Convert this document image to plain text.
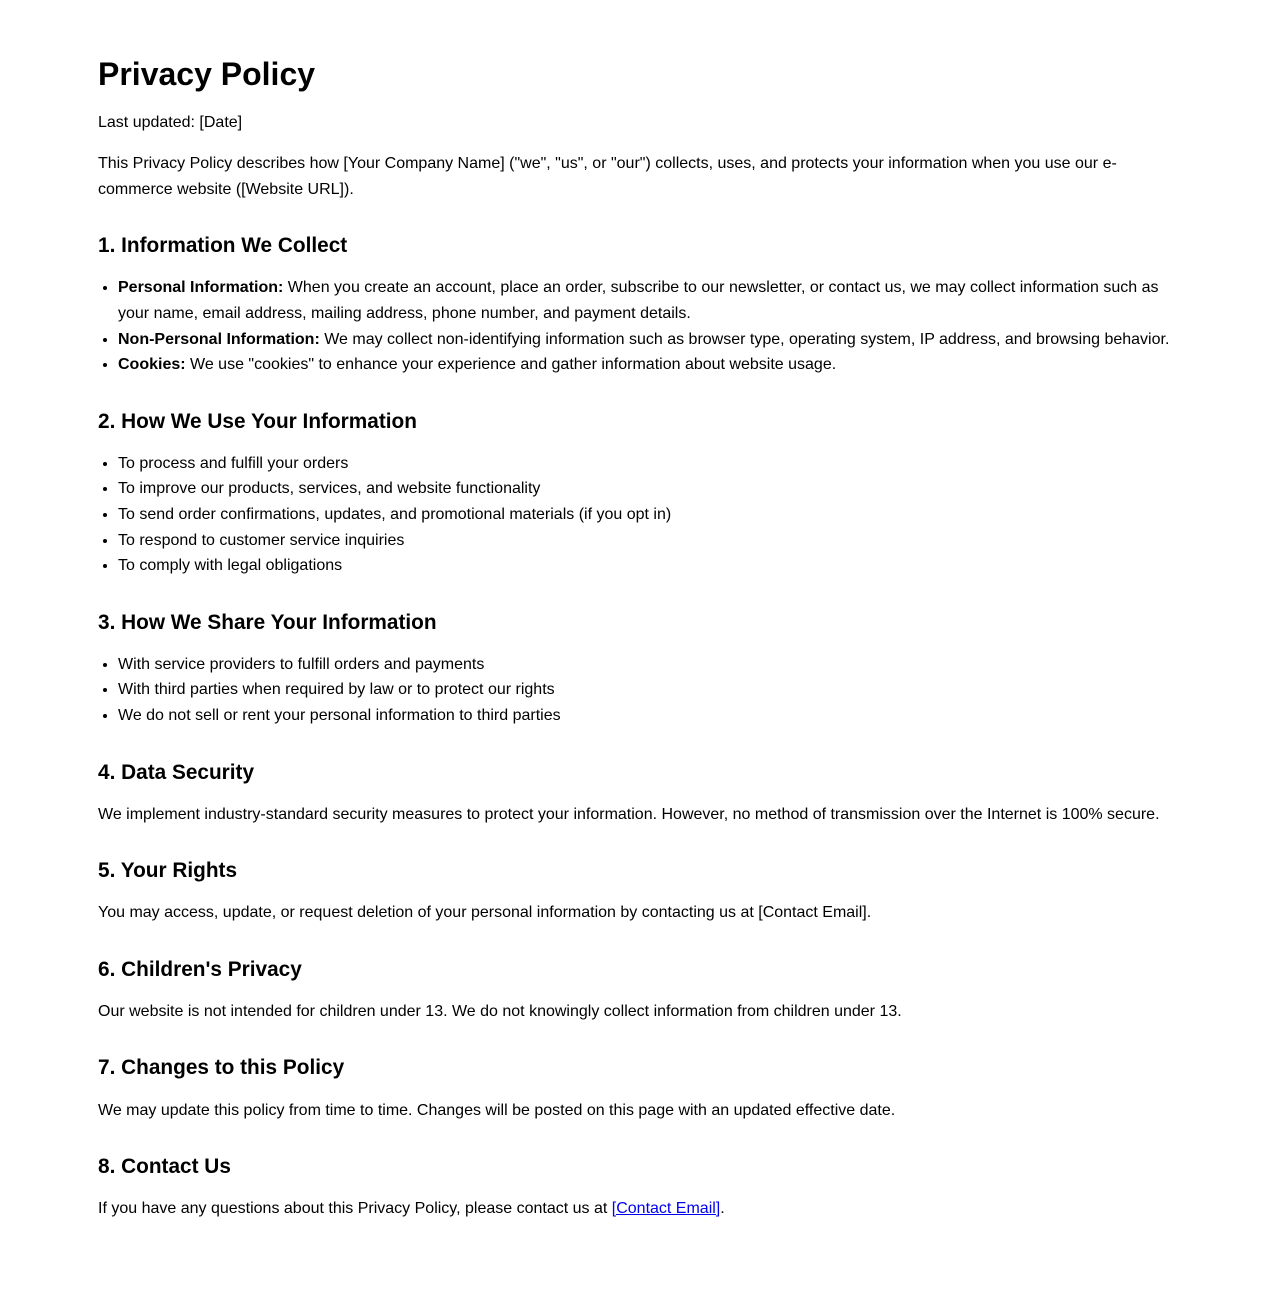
Privacy Policy

Last updated: [Date]

This Privacy Policy describes how [Your Company Name] ("we", "us", or "our") collects, uses, and protects your information when you use our e-commerce website ([Website URL]).

1. Information We Collect
• Personal Information: When you create an account, place an order, subscribe to our newsletter, or contact us, we may collect information such as your name, email address, mailing address, phone number, and payment details.
• Non-Personal Information: We may collect non-identifying information such as browser type, operating system, IP address, and browsing behavior.
• Cookies: We use "cookies" to enhance your experience and gather information about website usage.
2. How We Use Your Information
• To process and fulfill your orders
• To improve our products, services, and website functionality
• To send order confirmations, updates, and promotional materials (if you opt in)
• To respond to customer service inquiries
• To comply with legal obligations
3. How We Share Your Information
• With service providers to fulfill orders and payments
• With third parties when required by law or to protect our rights
• We do not sell or rent your personal information to third parties
4. Data Security

We implement industry-standard security measures to protect your information. However, no method of transmission over the Internet is 100% secure.

5. Your Rights

You may access, update, or request deletion of your personal information by contacting us at [Contact Email].

6. Children's Privacy

Our website is not intended for children under 13. We do not knowingly collect information from children under 13.

7. Changes to this Policy

We may update this policy from time to time. Changes will be posted on this page with an updated effective date.

8. Contact Us

If you have any questions about this Privacy Policy, please contact us at [Contact Email].
